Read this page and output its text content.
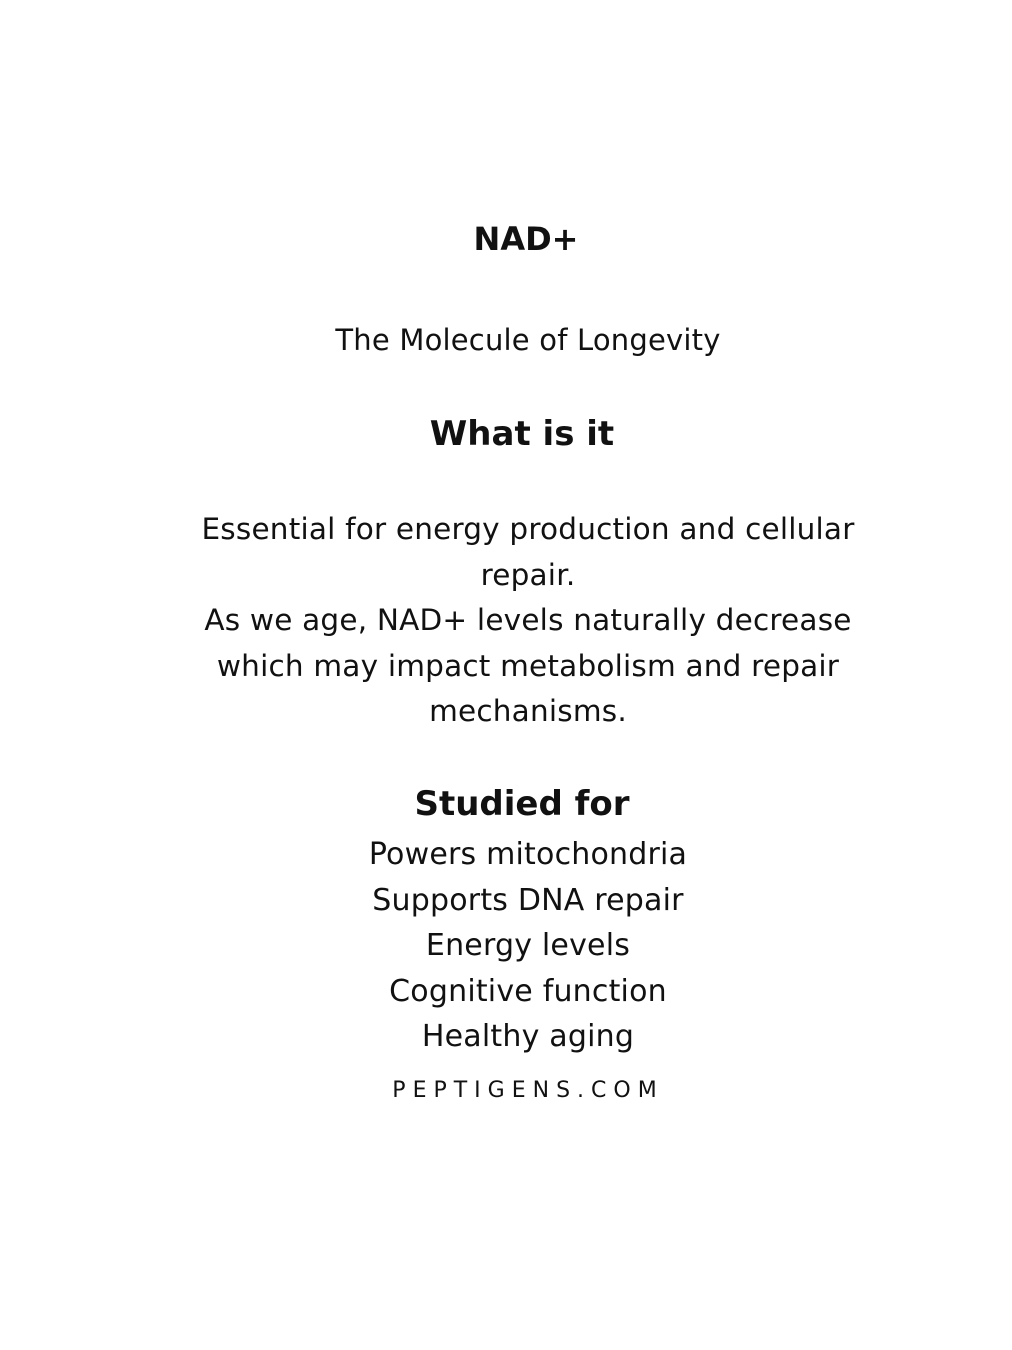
NAD+

The Molecule of Longevity

What is it
Essential for energy production and cellular
repair.
As we age, NAD+ levels naturally decrease
which may impact metabolism and repair
mechanisms.
Studied for
Powers mitochondria
Supports DNA repair
Energy levels
Cognitive function
Healthy aging
PEPTIGENS.COM
